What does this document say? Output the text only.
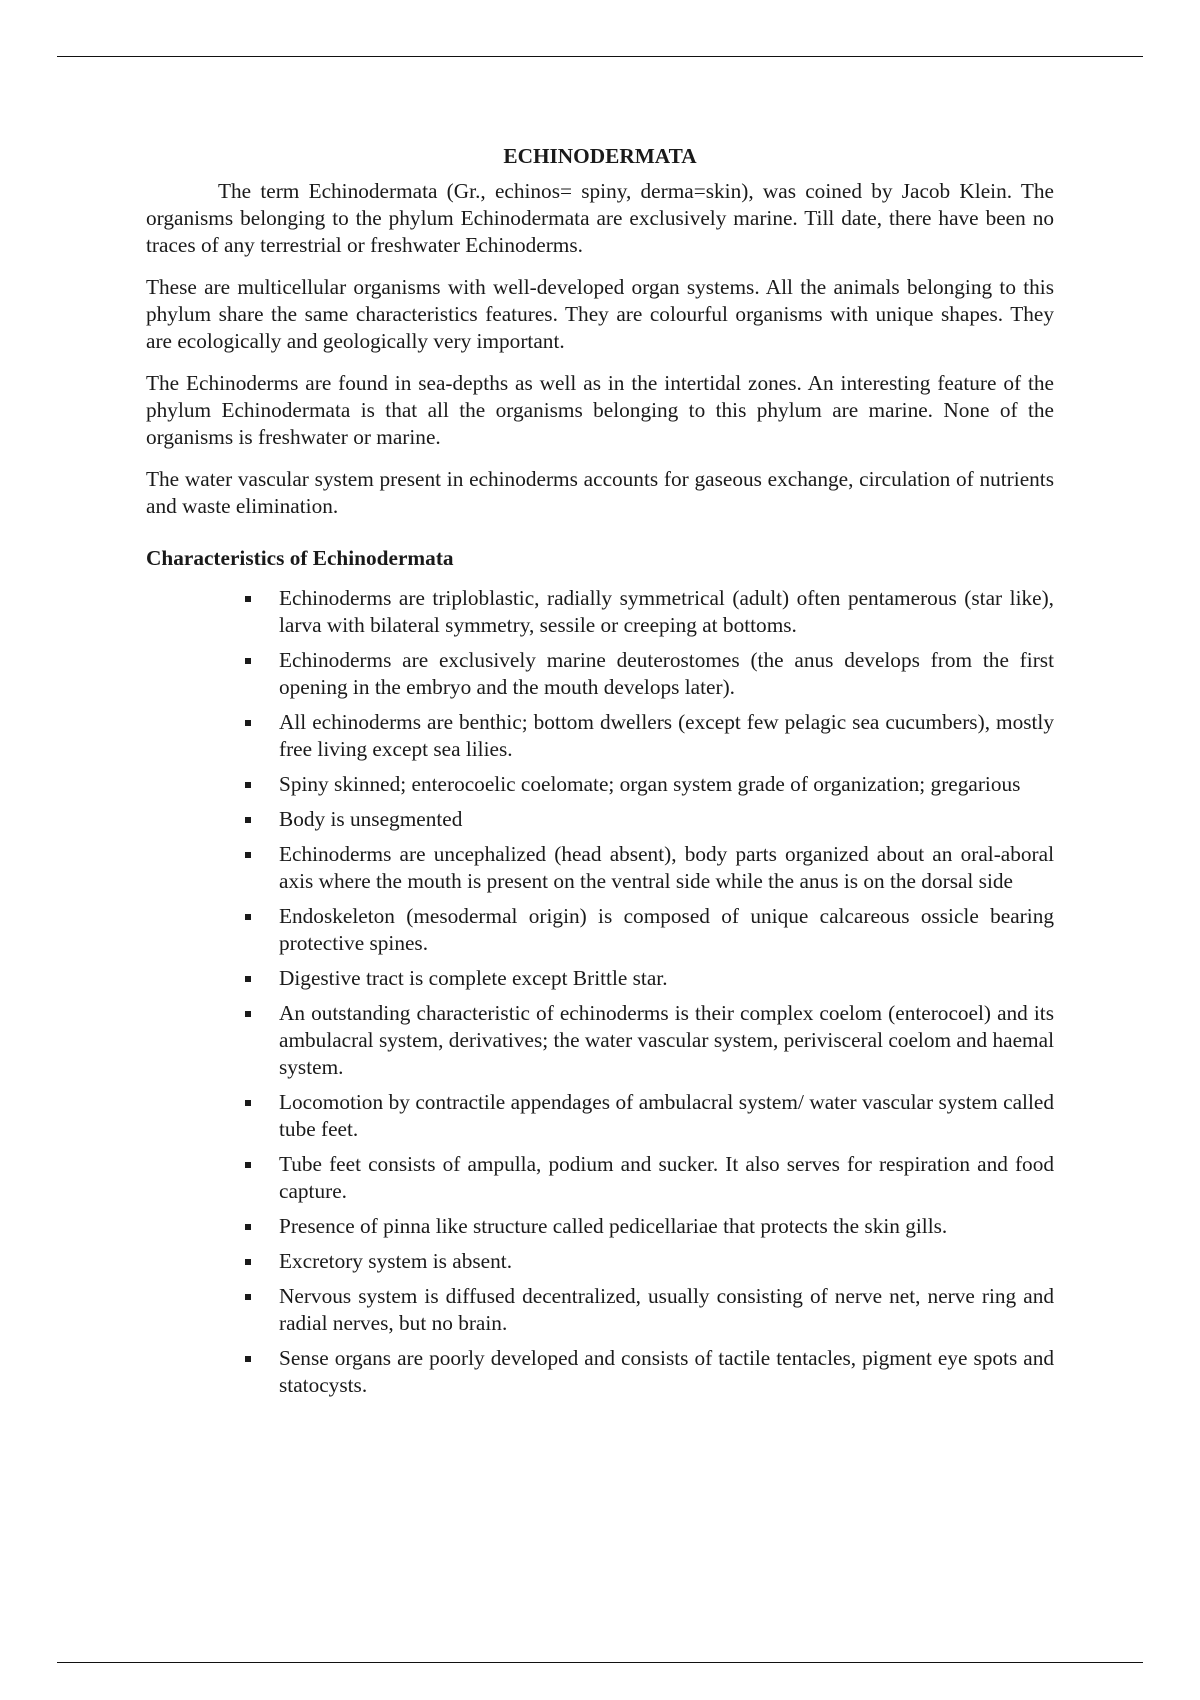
ECHINODERMATA

The term Echinodermata (Gr., echinos= spiny, derma=skin), was coined by Jacob Klein. The organisms belonging to the phylum Echinodermata are exclusively marine. Till date, there have been no traces of any terrestrial or freshwater Echinoderms.

These are multicellular organisms with well-developed organ systems. All the animals belonging to this phylum share the same characteristics features. They are colourful organisms with unique shapes. They are ecologically and geologically very important.

The Echinoderms are found in sea-depths as well as in the intertidal zones. An interesting feature of the phylum Echinodermata is that all the organisms belonging to this phylum are marine. None of the organisms is freshwater or marine.

The water vascular system present in echinoderms accounts for gaseous exchange, circulation of nutrients and waste elimination.

Characteristics of Echinodermata
Echinoderms are triploblastic, radially symmetrical (adult) often pentamerous (star like), larva with bilateral symmetry, sessile or creeping at bottoms.
Echinoderms are exclusively marine deuterostomes (the anus develops from the first opening in the embryo and the mouth develops later).
All echinoderms are benthic; bottom dwellers (except few pelagic sea cucumbers), mostly free living except sea lilies.
Spiny skinned; enterocoelic coelomate; organ system grade of organization; gregarious
Body is unsegmented
Echinoderms are uncephalized (head absent), body parts organized about an oral-aboral axis where the mouth is present on the ventral side while the anus is on the dorsal side
Endoskeleton (mesodermal origin) is composed of unique calcareous ossicle bearing protective spines.
Digestive tract is complete except Brittle star.
An outstanding characteristic of echinoderms is their complex coelom (enterocoel) and its ambulacral system, derivatives; the water vascular system, perivisceral coelom and haemal system.
Locomotion by contractile appendages of ambulacral system/ water vascular system called tube feet.
Tube feet consists of ampulla, podium and sucker. It also serves for respiration and food capture.
Presence of pinna like structure called pedicellariae that protects the skin gills.
Excretory system is absent.
Nervous system is diffused decentralized, usually consisting of nerve net, nerve ring and radial nerves, but no brain.
Sense organs are poorly developed and consists of tactile tentacles, pigment eye spots and statocysts.
